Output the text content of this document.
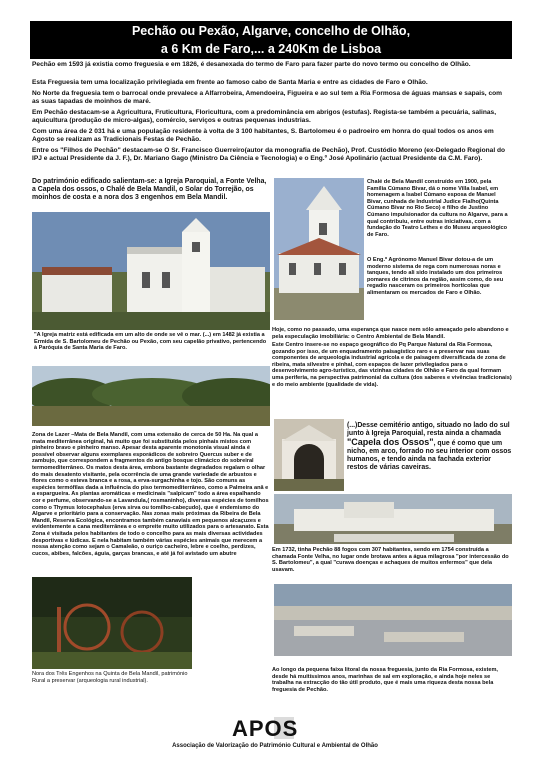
Pechão ou Pexão, Algarve, concelho de Olhão,
a 6 Km de Faro,... a 240Km de Lisboa

Pechão em 1593 já existia como freguesia e em 1826, é desanexada do termo de Faro para fazer parte do novo termo ou concelho de Olhão.

Esta Freguesia tem uma localização privilegiada em frente ao famoso cabo de Santa Maria e entre as cidades de Faro e Olhão.

No Norte da freguesia tem o barrocal onde prevalece a Alfarrobeira, Amendoeira, Figueira e ao sul tem a Ria Formosa de águas mansas e sapais, com as suas tapadas de moinhos de maré.

Em Pechão destacam-se a Agricultura, Fruticultura, Floricultura, com a predominância em abrigos (estufas). Regista-se também a pecuária, salinas, aquicultura (produção de micro-algas), comércio, serviços e outras pequenas industrias.

Com uma área de 2 031 há e uma população residente à volta de 3 100 habitantes, S. Bartolomeu é o padroeiro em honra do qual todos os anos em Agosto se realizam as Tradicionais Festas de Pechão.

Entre os "Filhos de Pechão" destacam-se O Sr. Francisco Guerreiro(autor da monografia de Pechão), Prof. Custódio Moreno (ex-Delegado Regional do IPJ e actual Presidente da J. F.), Dr. Mariano Gago (Ministro Da Ciência e Tecnologia) e o Eng.º José Apolinário (actual Presidente da C.M. Faro).

Do património edificado salientam-se: a Igreja Paroquial, a Fonte Velha, a Capela dos ossos, o Chalé de Bela Mandil, o Solar do Torrejão, os moinhos de costa e a nora dos 3 engenhos em Bela Mandil.

"A Igreja matriz está edificada em um alto de onde se vê o mar. (...) em 1482 já existia a Ermida de S. Bartolomeu de Pechão ou Pexão, com seu capelão privativo, pertencendo à Paróquia de Santa Maria de Faro.

Chalé de Bela Mandil construído em 1900, pela Família Cúmano Bivar, dá o nome Villa Isabel, em homenagem a Isabel Cúmano esposa de Manuel Bivar, cunhada de Industrial Judice Fialho(Quinta Cúmano Bivar no Rio Seco) e filho de Justino Cúmano impulsionador da cultura no Algarve, para a qual contribuiu, entre outras iniciativas, com a fundação do Teatro Lethes e do Museu arqueológico de Faro.

O Eng.º Agrónomo Manuel Bivar dotou-a de um moderno sistema de rega com numerosas noras e tanques, tendo ali sido instalado um dos primeiros pomares de citrinos da região, assim como, do seu regadio nasceram os primeiros hortícolas que alimentaram os mercados de Faro e Olhão.

Hoje, como no passado, uma esperança que nasce nem sólo ameaçado pelo abandono e pela especulação imobiliária: o Centro Ambiental de Bela Mandil.

Este Centro insere-se no espaço geográfico do Pq Parque Natural da Ria Formosa, gozando por isso, de um enquadramento paisagístico raro e a preservar nas suas componentes de arqueologia industrial agrícola e de paisagem diversificada de zona de ribeira, mata silvestre e pinhal, com espaços de lazer privilegiados para o desenvolvimento agro-turístico, das vizinhas cidades de Olhão e Faro da qual formam uma periferia, na perspectiva patrimonial da cultura (dos saberes e vivências tradicionais) e do meio ambiente (qualidade de vida).

Zona de Lazer –Mata de Bela Mandil, com uma extensão de cerca de 50 Ha. Na qual a mata mediterrânea original, há muito que foi substituída pelos pinhais mistos com pinheiro bravo e pinheiro manso. Apesar desta aparente monotonia visual ainda é possível observar alguns exemplares esporádicos de sobreiro Quercus suber e de zambujo, que correspondem a fragmentos do antigo bosque climácico do sobreiral termomediterrâneo. Os matos desta área, embora bastante degradados regalam o olhar do mais desatento visitante, pela ocorrência de uma grande variedade de arbustos e flores como o esteva branca e a rosa, a erva-surgachinha e tojo. São comuns as espécies termófilas dada a influência do piso termomediterrâneo, como a Palmeira anã e a espargueira. As plantas aromáticas e medicinais "salpicam" todo a área espalhando cor e perfume, observando-se a Lavandula,( rosmaninho), diversas espécies de tomilhos como o Thymus lotocephalus (erva sirva ou tomilho-cabeçudo), que é endemismo do Algarve e prioritário para a conservação. Nas zonas mais próximas da Ribeira de Bela Mandil, Reserva Ecológica, encontramos também canaviais em pequenos alcaçuzes e evidentemente a cana mediterrânea e o empreite muito utilizados para o artesanato. Esta Zona é visitada pelos habitantes de todo o concelho para as mais diversas actividades desportivas e lúdicas. E nela habitam também várias espécies animais que merecem a nossa atenção como sejam o Camaleão, o ouriço cacheiro, lebre e coelho, perdizes, cucos, abibes, falcões, águia, garças brancas, e até já foi avistado um abutre

(...)Desse cemitério antigo, situado no lado do sul junto à Igreja Paroquial, resta ainda a chamada "Capela dos Ossos", que é como que um nicho, em arco, forrado no seu interior com ossos humanos, e tendo ainda na fachada exterior restos de várias caveiras.

Em 1732, tinha Pechão 88 fogos com 307 habitantes, sendo em 1754 construída a chamada Fonte Velha, no lugar onde brotava antes a água milagrosa "por intercessão do S. Bartolomeu", a qual "curava doenças e achaques de muitos enfermos" que dela usavam.

Nora dos Três Engenhos na Quinta de Bela Mandil, património Rural a preservar (arqueologia rural industrial).

Ao longo da pequena faixa litoral da nossa freguesia, junto da Ria Formosa, existem, desde há muitíssimos anos, marinhas de sal em exploração, e ainda hoje neles se trabalha na extracção do tão útil produto, que é mais uma riqueza desta nossa bela freguesia de Pechão.

APOS
Associação de Valorização do Património Cultural e Ambiental de Olhão
